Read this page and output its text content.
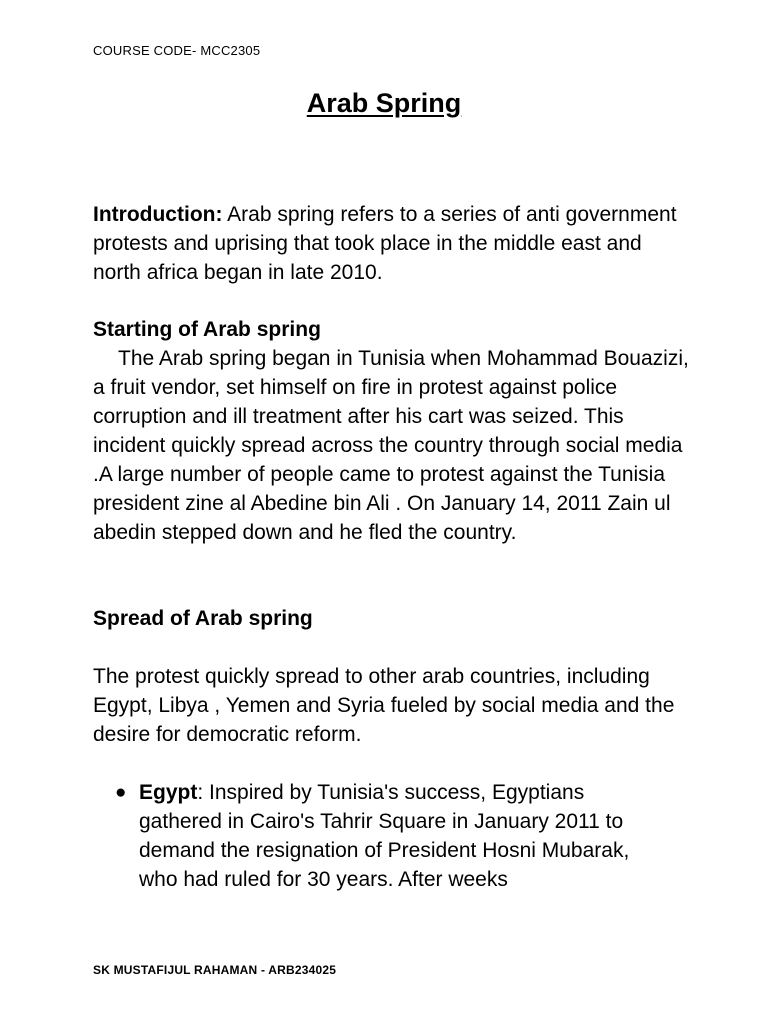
COURSE CODE- MCC2305
Arab Spring

Introduction: Arab spring refers to a series of anti government protests and uprising that took place in the middle east and north africa began in late 2010.

Starting of Arab spring

The Arab spring began in Tunisia when Mohammad Bouazizi, a fruit vendor, set himself on fire in protest against police corruption and ill treatment after his cart was seized. This incident quickly spread across the country through social media .A large number of people came to protest against the Tunisia president zine al Abedine bin Ali . On January 14, 2011 Zain ul abedin stepped down and he fled the country.

Spread of Arab spring

The protest quickly spread to other arab countries, including Egypt, Libya , Yemen and Syria fueled by social media and the desire for democratic reform.

● Egypt: Inspired by Tunisia's success, Egyptians gathered in Cairo's Tahrir Square in January 2011 to demand the resignation of President Hosni Mubarak, who had ruled for 30 years. After weeks
SK MUSTAFIJUL RAHAMAN - ARB234025
